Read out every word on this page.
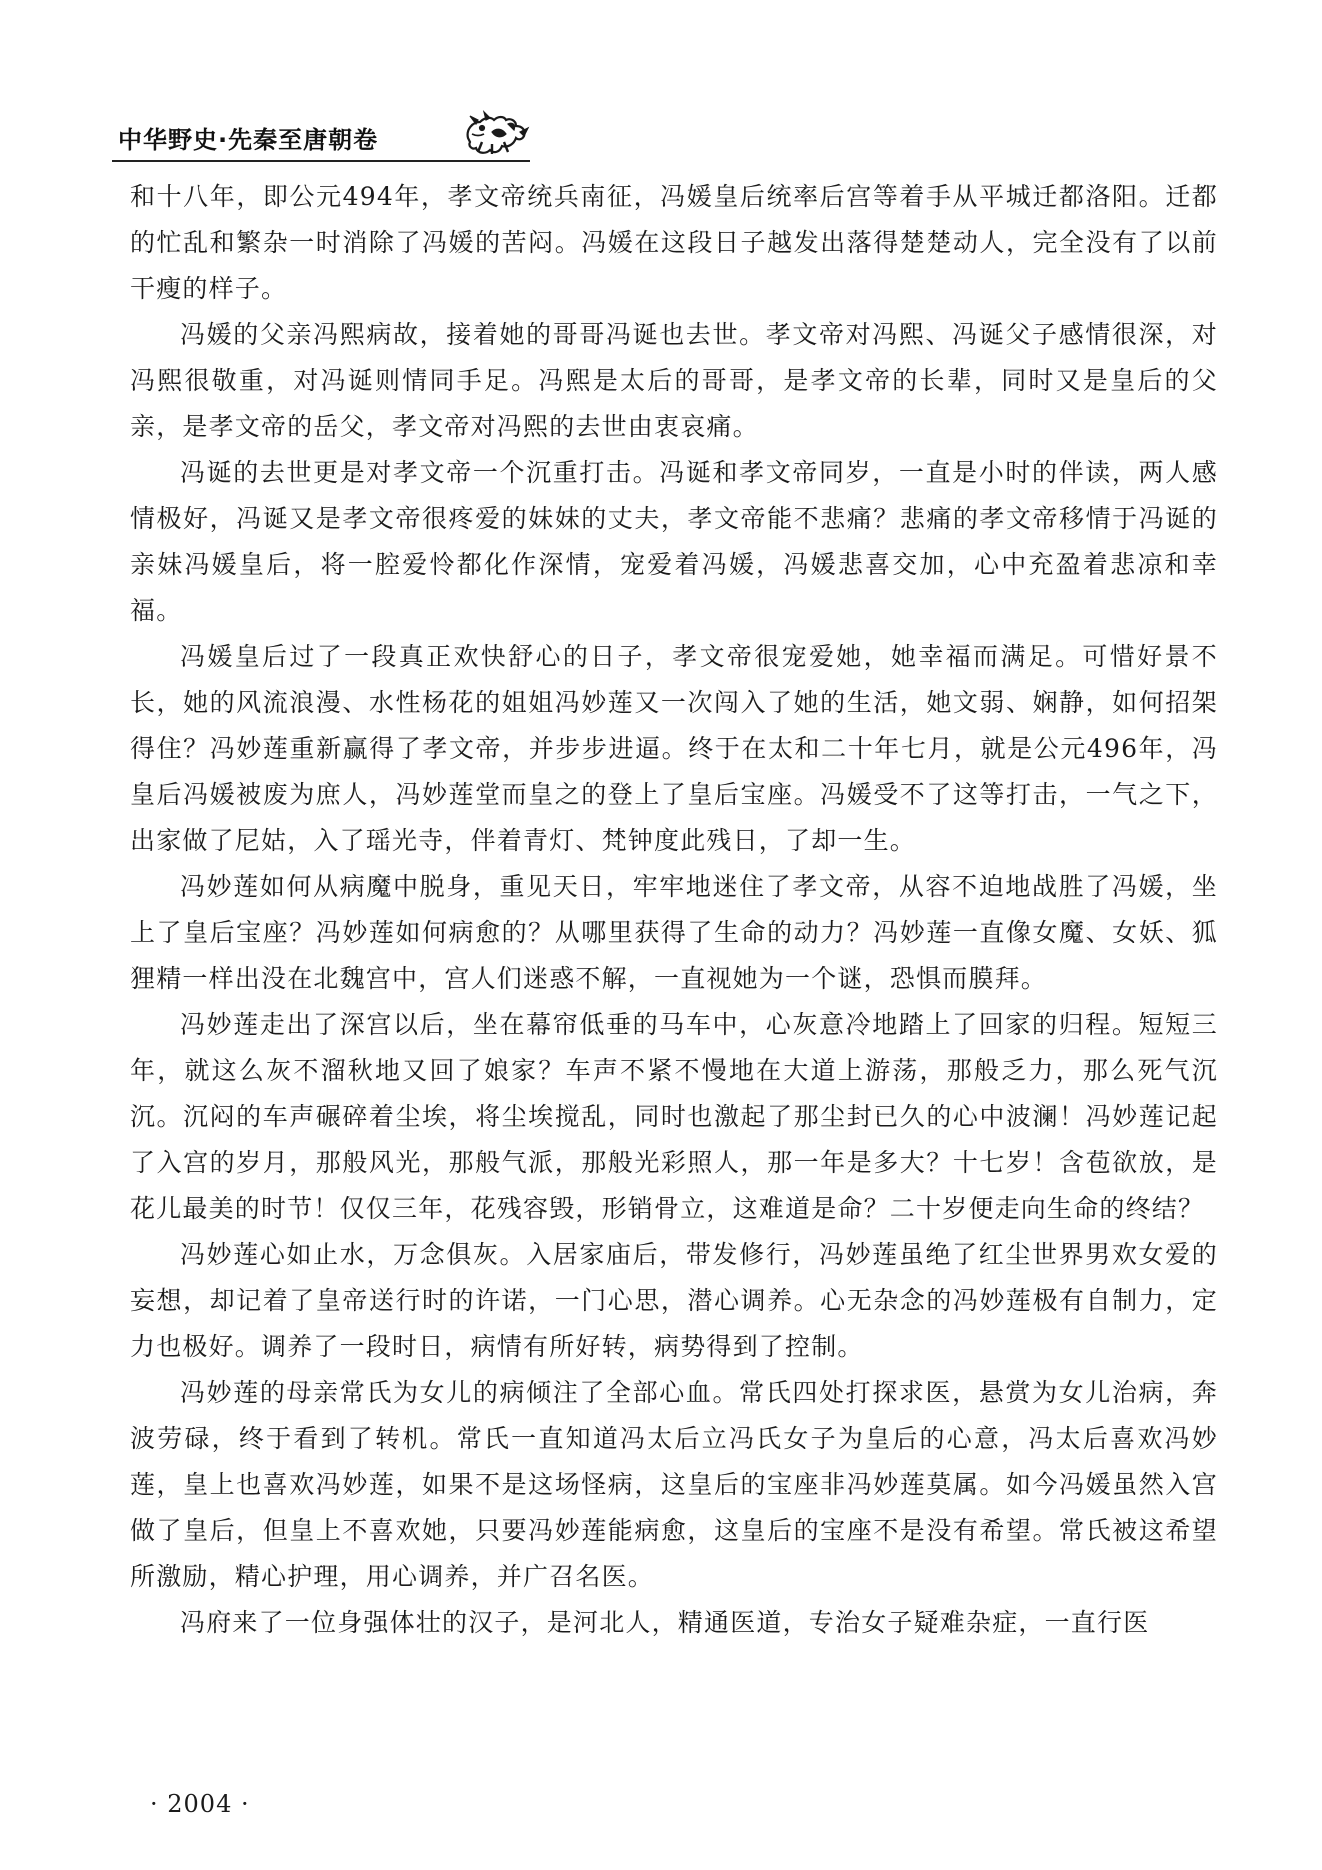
中华野史·先秦至唐朝卷

和十八年，即公元494年，孝文帝统兵南征，冯媛皇后统率后宫等着手从平城迁都洛阳。迁都的忙乱和繁杂一时消除了冯媛的苦闷。冯媛在这段日子越发出落得楚楚动人，完全没有了以前干瘦的样子。

冯媛的父亲冯熙病故，接着她的哥哥冯诞也去世。孝文帝对冯熙、冯诞父子感情很深，对冯熙很敬重，对冯诞则情同手足。冯熙是太后的哥哥，是孝文帝的长辈，同时又是皇后的父亲，是孝文帝的岳父，孝文帝对冯熙的去世由衷哀痛。

冯诞的去世更是对孝文帝一个沉重打击。冯诞和孝文帝同岁，一直是小时的伴读，两人感情极好，冯诞又是孝文帝很疼爱的妹妹的丈夫，孝文帝能不悲痛？悲痛的孝文帝移情于冯诞的亲妹冯媛皇后，将一腔爱怜都化作深情，宠爱着冯媛，冯媛悲喜交加，心中充盈着悲凉和幸福。

冯媛皇后过了一段真正欢快舒心的日子，孝文帝很宠爱她，她幸福而满足。可惜好景不长，她的风流浪漫、水性杨花的姐姐冯妙莲又一次闯入了她的生活，她文弱、娴静，如何招架得住？冯妙莲重新赢得了孝文帝，并步步进逼。终于在太和二十年七月，就是公元496年，冯皇后冯媛被废为庶人，冯妙莲堂而皇之的登上了皇后宝座。冯媛受不了这等打击，一气之下，出家做了尼姑，入了瑶光寺，伴着青灯、梵钟度此残日，了却一生。

冯妙莲如何从病魔中脱身，重见天日，牢牢地迷住了孝文帝，从容不迫地战胜了冯媛，坐上了皇后宝座？冯妙莲如何病愈的？从哪里获得了生命的动力？冯妙莲一直像女魔、女妖、狐狸精一样出没在北魏宫中，宫人们迷惑不解，一直视她为一个谜，恐惧而膜拜。

冯妙莲走出了深宫以后，坐在幕帘低垂的马车中，心灰意冷地踏上了回家的归程。短短三年，就这么灰不溜秋地又回了娘家？车声不紧不慢地在大道上游荡，那般乏力，那么死气沉沉。沉闷的车声碾碎着尘埃，将尘埃搅乱，同时也激起了那尘封已久的心中波澜！冯妙莲记起了入宫的岁月，那般风光，那般气派，那般光彩照人，那一年是多大？十七岁！含苞欲放，是花儿最美的时节！仅仅三年，花残容毁，形销骨立，这难道是命？二十岁便走向生命的终结？

冯妙莲心如止水，万念俱灰。入居家庙后，带发修行，冯妙莲虽绝了红尘世界男欢女爱的妄想，却记着了皇帝送行时的许诺，一门心思，潜心调养。心无杂念的冯妙莲极有自制力，定力也极好。调养了一段时日，病情有所好转，病势得到了控制。

冯妙莲的母亲常氏为女儿的病倾注了全部心血。常氏四处打探求医，悬赏为女儿治病，奔波劳碌，终于看到了转机。常氏一直知道冯太后立冯氏女子为皇后的心意，冯太后喜欢冯妙莲，皇上也喜欢冯妙莲，如果不是这场怪病，这皇后的宝座非冯妙莲莫属。如今冯媛虽然入宫做了皇后，但皇上不喜欢她，只要冯妙莲能病愈，这皇后的宝座不是没有希望。常氏被这希望所激励，精心护理，用心调养，并广召名医。

冯府来了一位身强体壮的汉子，是河北人，精通医道，专治女子疑难杂症，一直行医

· 2004 ·
